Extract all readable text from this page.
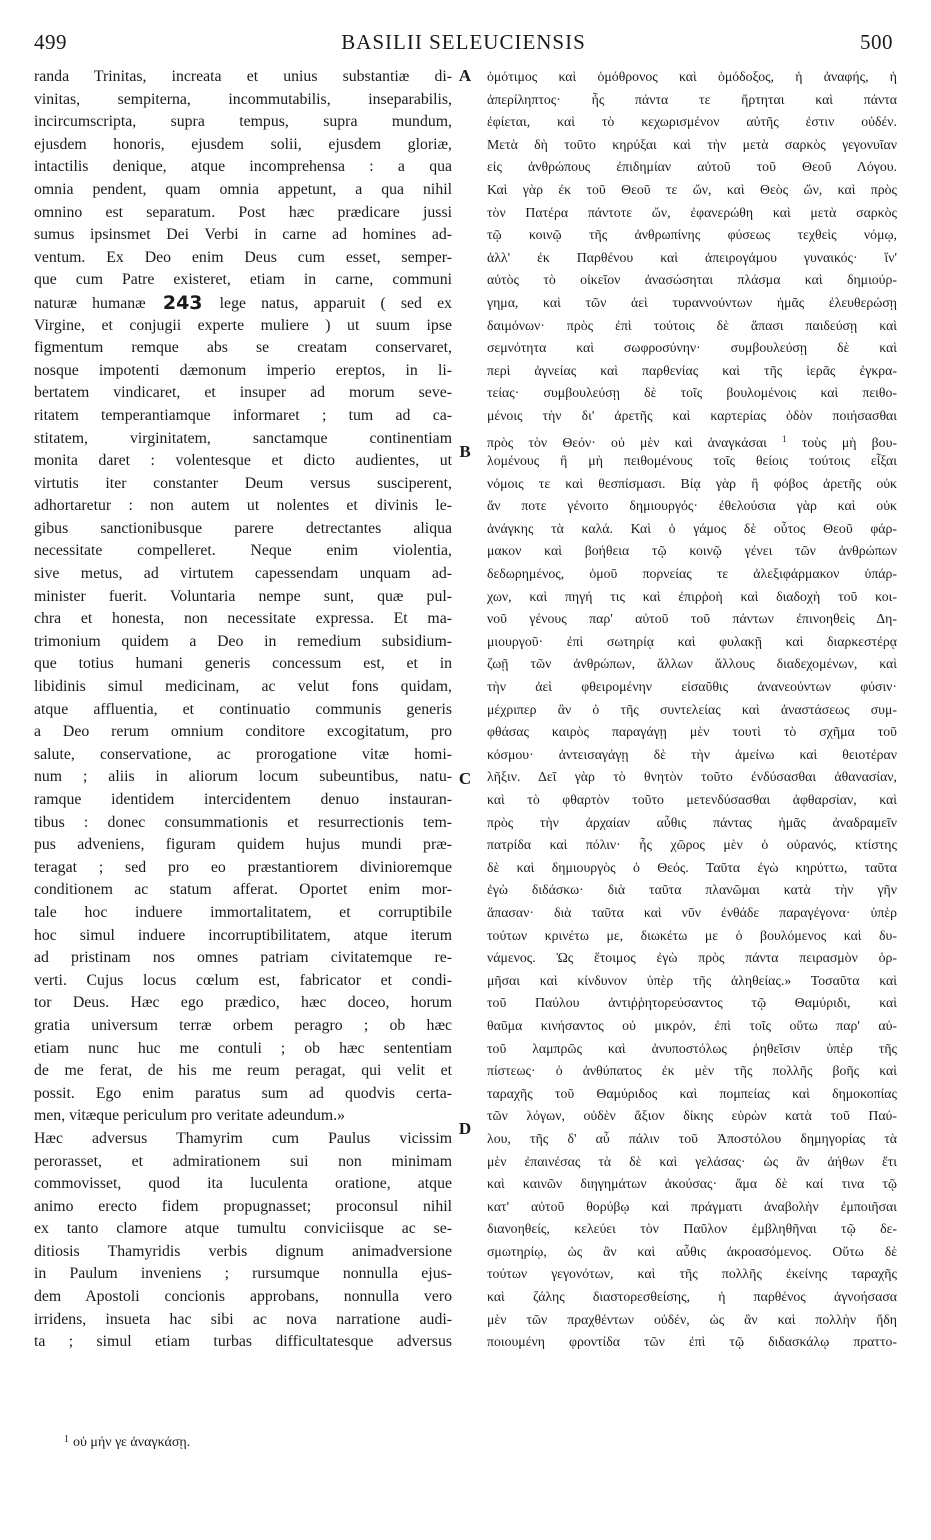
499	BASILII SELEUCIENSIS	500
randa Trinitas, increata et unius substantiæ di-
vinitas, sempiterna, incommutabilis, inseparabilis,
incircumscripta, supra tempus, supra mundum,
ejusdem honoris, ejusdem solii, ejusdem gloriæ,
intactilis denique, atque incomprehensa : a qua
omnia pendent, quam omnia appetunt, a qua nihil
omnino est separatum. Post hæc prædicare jussi
sumus ipsinsmet Dei Verbi in carne ad homines ad-
ventum. Ex Deo enim Deus cum esset, semper-
que cum Patre existeret, etiam in carne, communi
naturæ humanæ 243 lege natus, apparuit ( sed ex
Virgine, et conjugii experte muliere ) ut suum ipse
figmentum remque abs se creatam conservaret,
nosque impotenti dæmonum imperio ereptos, in li-
bertatem vindicaret, et insuper ad morum seve-
ritatem temperantiamque informaret ; tum ad ca-
stitatem, virginitatem, sanctamque continentiam
monita daret : volentesque et dicto audientes, ut
virtutis iter constanter Deum versus susciperent,
adhortaretur : non autem ut nolentes et divinis le-
gibus sanctionibusque parere detrectantes aliqua
necessitate compelleret. Neque enim violentia,
sive metus, ad virtutem capessendam unquam ad-
minister fuerit. Voluntaria nempe sunt, quæ pul-
chra et honesta, non necessitate expressa. Et ma-
trimonium quidem a Deo in remedium subsidium-
que totius humani generis concessum est, et in
libidinis simul medicinam, ac velut fons quidam,
atque affluentia, et continuatio communis generis
a Deo rerum omnium conditore excogitatum, pro
salute, conservatione, ac prorogatione vitæ homi-
num ; aliis in aliorum locum subeuntibus, natu-
ramque identidem intercidentem denuo instauran-
tibus : donec consummationis et resurrectionis tem-
pus adveniens, figuram quidem hujus mundi præ-
teragat ; sed pro eo præstantiorem divinioremque
conditionem ac statum afferat. Oportet enim mor-
tale hoc induere immortalitatem, et corruptibile
hoc simul induere incorruptibilitatem, atque iterum
ad pristinam nos omnes patriam civitatemque re-
verti. Cujus locus cœlum est, fabricator et condi-
tor Deus. Hæc ego prædico, hæc doceo, horum
gratia universum terræ orbem peragro ; ob hæc
etiam nunc huc me contuli ; ob hæc sententiam
de me ferat, de his me reum peragat, qui velit et
possit. Ego enim paratus sum ad quodvis certa-
men, vitæque periculum pro veritate adeundum.»
Hæc adversus Thamyrim cum Paulus vicissim
perorasset, et admirationem sui non minimam
commovisset, quod ita luculenta oratione, atque
animo erecto fidem propugnasset; proconsul nihil
ex tanto clamore atque tumultu conviciisque ac se-
ditiosis Thamyridis verbis dignum animadversione
in Paulum inveniens ; rursumque nonnulla ejus-
dem Apostoli concionis approbans, nonnulla vero
irridens, insueta hac sibi ac nova narratione audi-
ta ; simul etiam turbas difficultatesque adversus
A
B
C
D
ὁμότιμος καὶ ὁμόθρονος καὶ ὁμόδοξος, ἡ ἀναφής, ἡ
ἀπερίληπτος· ἧς πάντα τε ἤρτηται καὶ πάντα
ἐφίεται, καὶ τὸ κεχωρισμένον αὐτῆς ἐστιν οὐδέν.
Μετὰ δὴ τοῦτο κηρύξαι καὶ τὴν μετὰ σαρκὸς γεγονυῖαν
εἰς ἀνθρώπους ἐπιδημίαν αὐτοῦ τοῦ Θεοῦ Λόγου.
Καὶ γὰρ ἐκ τοῦ Θεοῦ τε ὤν, καὶ Θεὸς ὤν, καὶ πρὸς
τὸν Πατέρα πάντοτε ὤν, ἐφανερώθη καὶ μετὰ σαρκὸς
τῷ κοινῷ τῆς ἀνθρωπίνης φύσεως τεχθεὶς νόμῳ,
ἀλλ' ἐκ Παρθένου καὶ ἀπειρογάμου γυναικός· ἵν'
αὐτὸς τὸ οἰκεῖον ἀνασώσηται πλάσμα καὶ δημιούρ-
γημα, καὶ τῶν ἀεὶ τυραννούντων ἡμᾶς ἐλευθερώσῃ
δαιμόνων· πρὸς ἐπὶ τούτοις δὲ ἅπασι παιδεύσῃ καὶ
σεμνότητα καὶ σωφροσύνην· συμβουλεύσῃ δὲ καὶ
περὶ ἁγνείας καὶ παρθενίας καὶ τῆς ἱερᾶς ἐγκρα-
τείας· συμβουλεύσῃ δὲ τοῖς βουλομένοις καὶ πειθο-
μένοις τὴν δι' ἀρετῆς καὶ καρτερίας ὁδὸν ποιήσασθαι
πρὸς τὸν Θεόν· οὐ μὲν καὶ ἀναγκάσαι $^1$ τοὺς μὴ βου-
λομένους ἢ μὴ πειθομένους τοῖς θείοις τούτοις εἶξαι
νόμοις τε καὶ θεσπίσμασι. Βίᾳ γὰρ ἢ φόβος ἀρετῆς οὐκ
ἄν ποτε γένοιτο δημιουργός· ἐθελούσια γὰρ καὶ οὐκ
ἀνάγκης τὰ καλά. Καὶ ὁ γάμος δὲ οὗτος Θεοῦ φάρ-
μακον καὶ βοήθεια τῷ κοινῷ γένει τῶν ἀνθρώπων
δεδωρημένος, ὁμοῦ πορνείας τε ἀλεξιφάρμακον ὑπάρ-
χων, καὶ πηγή τις καὶ ἐπιρῤοὴ καὶ διαδοχὴ τοῦ κοι-
νοῦ γένους παρ' αὐτοῦ τοῦ πάντων ἐπινοηθεὶς Δη-
μιουργοῦ· ἐπὶ σωτηρίᾳ καὶ φυλακῇ καὶ διαρκεστέρᾳ
ζωῇ τῶν ἀνθρώπων, ἄλλων ἄλλους διαδεχομένων, καὶ
τὴν ἀεὶ φθειρομένην εἰσαῦθις ἀνανεούντων φύσιν·
μέχριπερ ἂν ὁ τῆς συντελείας καὶ ἀναστάσεως συμ-
φθάσας καιρὸς παραγάγῃ μὲν τουτὶ τὸ σχῆμα τοῦ
κόσμου· ἀντεισαγάγῃ δὲ τὴν ἀμείνω καὶ θειοτέραν
λῆξιν. Δεῖ γὰρ τὸ θνητὸν τοῦτο ἐνδύσασθαι ἀθανασίαν,
καὶ τὸ φθαρτὸν τοῦτο μετενδύσασθαι ἀφθαρσίαν, καὶ
πρὸς τὴν ἀρχαίαν αὖθις πάντας ἡμᾶς ἀναδραμεῖν
πατρίδα καὶ πόλιν· ἧς χῶρος μὲν ὁ οὐρανός, κτίστης
δὲ καὶ δημιουργὸς ὁ Θεός. Ταῦτα ἐγὼ κηρύττω, ταῦτα
ἐγὼ διδάσκω· διὰ ταῦτα πλανῶμαι κατὰ τὴν γῆν
ἅπασαν· διὰ ταῦτα καὶ νῦν ἐνθάδε παραγέγονα· ὑπὲρ
τούτων κρινέτω με, διωκέτω με ὁ βουλόμενος καὶ δυ-
νάμενος. Ὡς ἕτοιμος ἐγὼ πρὸς πάντα πειρασμὸν ὁρ-
μῆσαι καὶ κίνδυνον ὑπὲρ τῆς ἀληθείας.» Τοσαῦτα καὶ
τοῦ Παύλου ἀντιῤῥητορεύσαντος τῷ Θαμύριδι, καὶ
θαῦμα κινήσαντος οὐ μικρόν, ἐπὶ τοῖς οὕτω παρ' αὐ-
τοῦ λαμπρῶς καὶ ἀνυποστόλως ῥηθεῖσιν ὑπὲρ τῆς
πίστεως· ὁ ἀνθύπατος ἐκ μὲν τῆς πολλῆς βοῆς καὶ
ταραχῆς τοῦ Θαμύριδος καὶ πομπείας καὶ δημοκοπίας
τῶν λόγων, οὐδὲν ἄξιον δίκης εὑρὼν κατὰ τοῦ Παύ-
λου, τῆς δ' αὖ πάλιν τοῦ Ἀποστόλου δημηγορίας τὰ
μὲν ἐπαινέσας τὰ δὲ καὶ γελάσας· ὡς ἂν ἀήθων ἔτι
καὶ καινῶν διηγημάτων ἀκούσας· ἅμα δὲ καί τινα τῷ
κατ' αὐτοῦ θορύβῳ καὶ πράγματι ἀναβολὴν ἐμποιῆσαι
διανοηθείς, κελεύει τὸν Παῦλον ἐμβληθῆναι τῷ δε-
σμωτηρίῳ, ὡς ἂν καὶ αὖθις ἀκροασόμενος. Οὕτω δὲ
τούτων γεγονότων, καὶ τῆς πολλῆς ἐκείνης ταραχῆς
καὶ ζάλης διαστορεσθείσης, ἡ παρθένος ἀγνοήσασα
μὲν τῶν πραχθέντων οὐδέν, ὡς ἂν καὶ πολλὴν ἤδη
ποιουμένη φροντίδα τῶν ἐπὶ τῷ διδασκάλῳ πραττο-
$^1$ οὐ μήν γε ἀναγκάσῃ.
